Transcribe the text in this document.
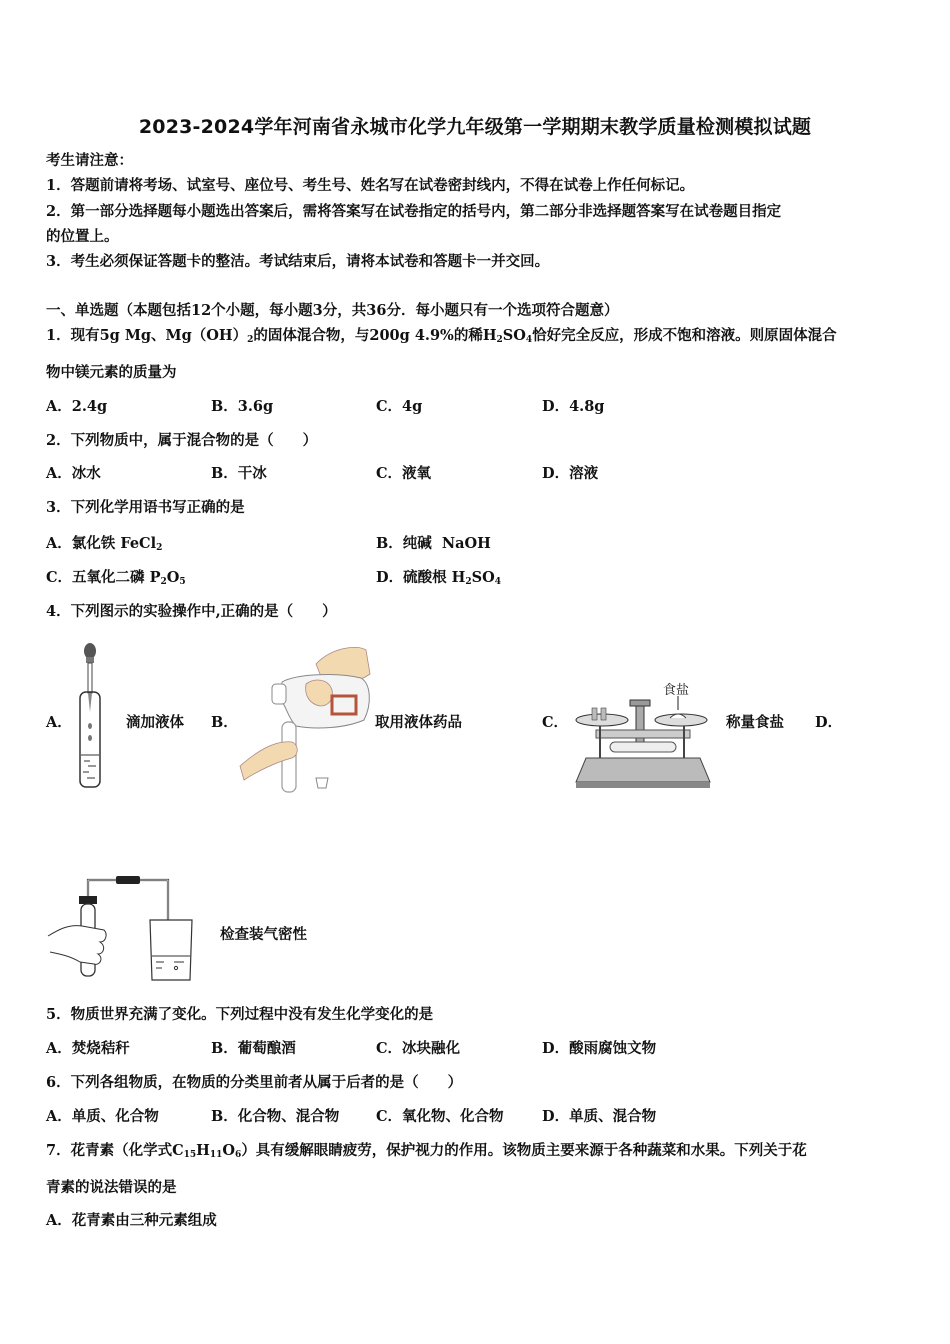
2023-2024学年河南省永城市化学九年级第一学期期末教学质量检测模拟试题
考生请注意：
1．答题前请将考场、试室号、座位号、考生号、姓名写在试卷密封线内，不得在试卷上作任何标记。
2．第一部分选择题每小题选出答案后，需将答案写在试卷指定的括号内，第二部分非选择题答案写在试卷题目指定
的位置上。
3．考生必须保证答题卡的整洁。考试结束后，请将本试卷和答题卡一并交回。
一、单选题（本题包括12个小题，每小题3分，共36分．每小题只有一个选项符合题意）
1．现有5g Mg、$Mg(OH)_2$的固体混合物，与200g 4.9%的稀$H_2SO_4$恰好完全反应，形成不饱和溶液。则原固体混合
物中镁元素的质量为
A．2.4g	B．3.6g	C．4g	D．4.8g
2．下列物质中，属于混合物的是（　　）
A．冰水	B．干冰	C．液氧	D．溶液
3．下列化学用语书写正确的是
A．氯化铁 FeCl$_2$	B．纯碱 NaOH
C．五氧化二磷 $P_2O_5$	D．硫酸根 $H_2SO_4$
4．下列图示的实验操作中,正确的是（　　）
A．	滴加液体 B．	取用液体药品	C．
食盐
称量食盐 D．
检查装气密性
5．物质世界充满了变化。下列过程中没有发生化学变化的是
A．焚烧秸秆	B．葡萄酿酒	C．冰块融化	D．酸雨腐蚀文物
6．下列各组物质，在物质的分类里前者从属于后者的是（　　）
A．单质、化合物	B．化合物、混合物	C．氧化物、化合物	D．单质、混合物
7．花青素（化学式$C_{15}H_{11}O_6$）具有缓解眼睛疲劳，保护视力的作用。该物质主要来源于各种蔬菜和水果。下列关于花
青素的说法错误的是
A．花青素由三种元素组成
